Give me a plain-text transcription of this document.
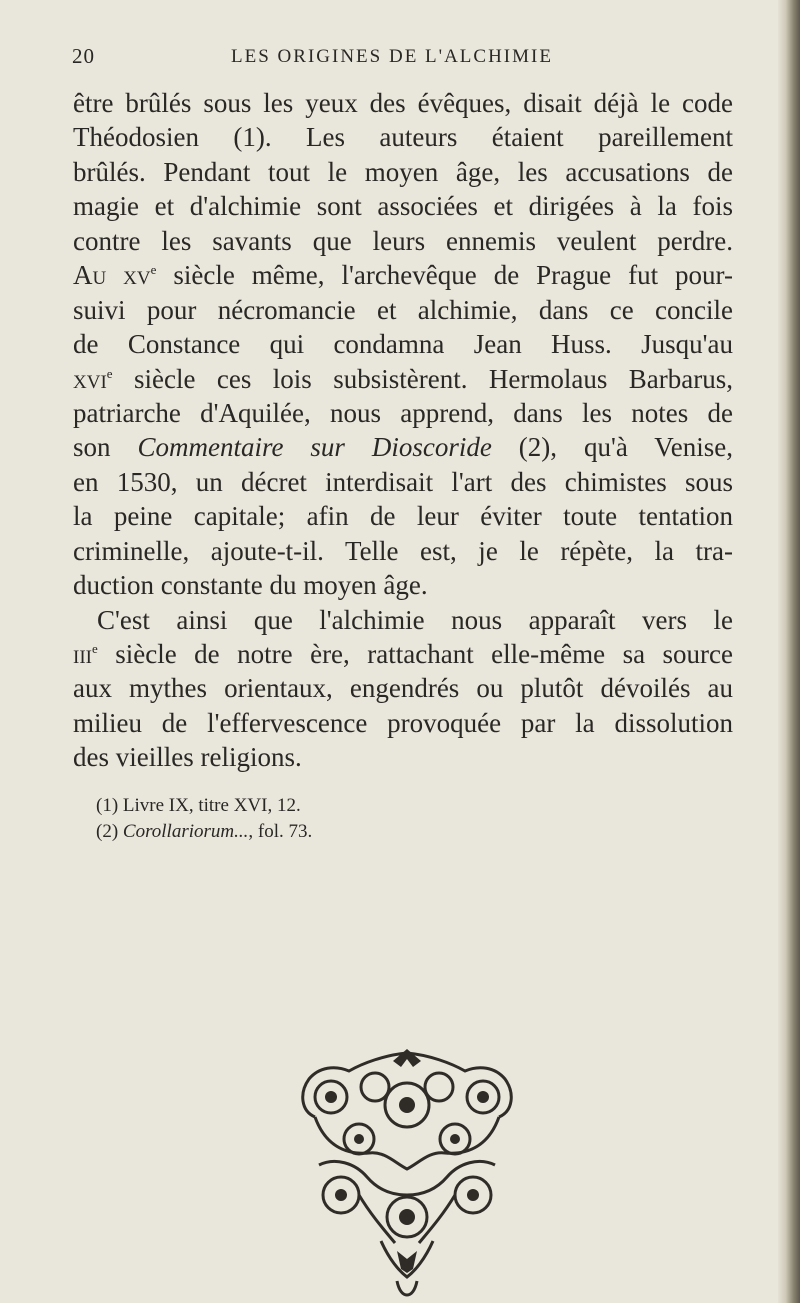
20	LES ORIGINES DE L'ALCHIMIE
être brûlés sous les yeux des évêques, disait déjà le code
Théodosien (1). Les auteurs étaient pareillement
brûlés. Pendant tout le moyen âge, les accusations de
magie et d'alchimie sont associées et dirigées à la fois
contre les savants que leurs ennemis veulent perdre.
Au $xv^e$ siècle même, l'archevêque de Prague fut pour-
suivi pour nécromancie et alchimie, dans ce concile
de Constance qui condamna Jean Huss. Jusqu'au
xvi$^e$ siècle ces lois subsistèrent. Hermolaus Barbarus,
patriarche d'Aquilée, nous apprend, dans les notes de
son Commentaire sur Dioscoride (2), qu'à Venise,
en 1530, un décret interdisait l'art des chimistes sous
la peine capitale; afin de leur éviter toute tentation
criminelle, ajoute-t-il. Telle est, je le répète, la tra-
duction constante du moyen âge.
C'est ainsi que l'alchimie nous apparaît vers le
iii$^e$ siècle de notre ère, rattachant elle-même sa source
aux mythes orientaux, engendrés ou plutôt dévoilés au
milieu de l'effervescence provoquée par la dissolution
des vieilles religions.
(1) Livre IX, titre XVI, 12.
(2) Corollariorum..., fol. 73.
